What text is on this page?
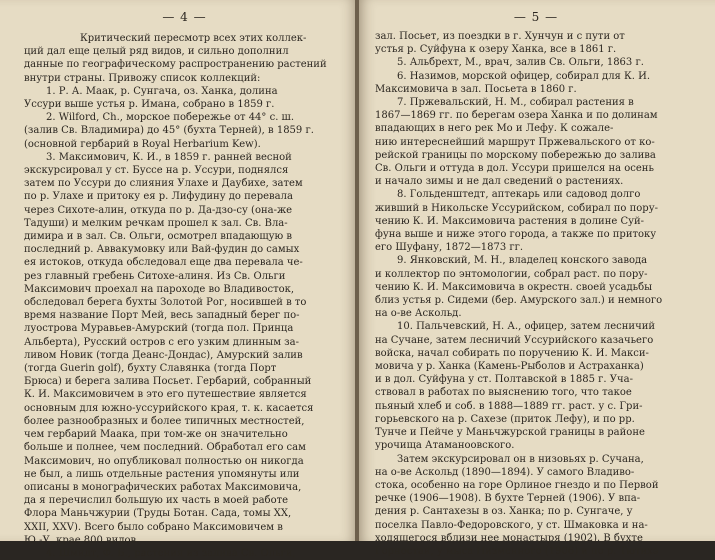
— 4 —
Критический пересмотр всех этих коллек-
ций дал еще целый ряд видов, и сильно дополнил
данные по географическому распространению растений
внутри страны. Привожу список коллекций:
1. Р. А. Маак, р. Сунгача, оз. Ханка, долина
Уссури выше устья р. Имана, собрано в 1859 г.
2. Wilford, Ch., морское побережье от 44° с. ш.
(залив Св. Владимира) до 45° (бухта Терней), в 1859 г.
(основной гербарий в Royal Herbarium Kew).
3. Максимович, К. И., в 1859 г. ранней весной
экскурсировал у ст. Буссе на р. Уссури, поднялся
затем по Уссури до слияния Улахе и Даубихе, затем
по р. Улахе и притоку ея р. Лифудину до перевала
через Сихоте-алин, откуда по р. Да-дзо-су (она-же
Тадуши) и мелким речкам прошел к зал. Св. Вла-
димира и в зал. Св. Ольги, осмотрел впадающую в
последний р. Аввакумовку или Вай-фудин до самых
ея истоков, откуда обследовал еще два перевала че-
рез главный гребень Ситохе-алиня. Из Св. Ольги
Максимович проехал на пароходе во Владивосток,
обследовал берега бухты Золотой Рог, носившей в то
время название Порт Мей, весь западный берег по-
луострова Муравьев-Амурский (тогда пол. Принца
Альберта), Русский остров с его узким длинным за-
ливом Новик (тогда Деанс-Дондас), Амурский залив
(тогда Guerin golf), бухту Славянка (тогда Порт
Брюса) и берега залива Посьет. Гербарий, собранный
К. И. Максимовичем в это его путешествие является
основным для южно-уссурийского края, т. к. касается
более разнообразных и более типичных местностей,
чем гербарий Маака, при том-же он значительно
больше и полнее, чем последний. Обработал его сам
Максимович, но опубликовал полностью он никогда
не был, а лишь отдельные растения упомянуты или
описаны в монографических работах Максимовича,
да я перечислил большую их часть в моей работе
Флора Маньчжурии (Труды Ботан. Сада, томы XX,
XXII, XXV). Всего было собрано Максимовичем в
Ю.-У. крае 800 видов.
4. Шмидт, Ф. Б., растения из залива Св. Ольги,
— 5 —
зал. Посьет, из поездки в г. Хунчун и с пути от
устья р. Суйфуна к озеру Ханка, все в 1861 г.
5. Альбрехт, М., врач, залив Св. Ольги, 1863 г.
6. Назимов, морской офицер, собирал для К. И.
Максимовича в зал. Посьета в 1860 г.
7. Пржевальский, Н. М., собирал растения в
1867—1869 гг. по берегам озера Ханка и по долинам
впадающих в него рек Мо и Лефу. К сожале-
нию интереснейший маршрут Пржевальского от ко-
рейской границы по морскому побережью до залива
Св. Ольги и оттуда в дол. Уссури пришелся на осень
и начало зимы и не дал сведений о растениях.
8. Гольденштедт, аптекарь или садовод долго
живший в Никольске Уссурийском, собирал по пору-
чению К. И. Максимовича растения в долине Суй-
фуна выше и ниже этого города, а также по притоку
его Шуфану, 1872—1873 гг.
9. Янковский, М. Н., владелец конского завода
и коллектор по энтомологии, собрал раст. по пору-
чению К. И. Максимовича в окрестн. своей усадьбы
близ устья р. Сидеми (бер. Амурского зал.) и немного
на о-ве Аскольд.
10. Пальчевский, Н. А., офицер, затем лесничий
на Сучане, затем лесничий Уссурийского казачьего
войска, начал собирать по поручению К. И. Макси-
мовича у р. Ханка (Камень-Рыболов и Астраханка)
и в дол. Суйфуна у ст. Полтавской в 1885 г. Уча-
ствовал в работах по выяснению того, что такое
пьяный хлеб и соб. в 1888—1889 гг. раст. у с. Гри-
горьевского на р. Сахезе (приток Лефу), и по рр.
Тунче и Пейче у Маньчжурской границы в районе
урочища Атаманоовского.
Затем экскурсировал он в низовьях р. Сучана,
на о-ве Аскольд (1890—1894). У самого Владиво-
стока, особенно на горе Орлиное гнездо и по Первой
речке (1906—1908). В бухте Терней (1906). У впа-
дения р. Сантахезы в оз. Ханка; по р. Сунгаче, у
поселка Павло-Федоровского, у ст. Шмаковка и на-
ходящегося вблизи нее монастыря (1902). В бухте
Горностай, у мыса Низменного (1906) и по р. Тютихэ
